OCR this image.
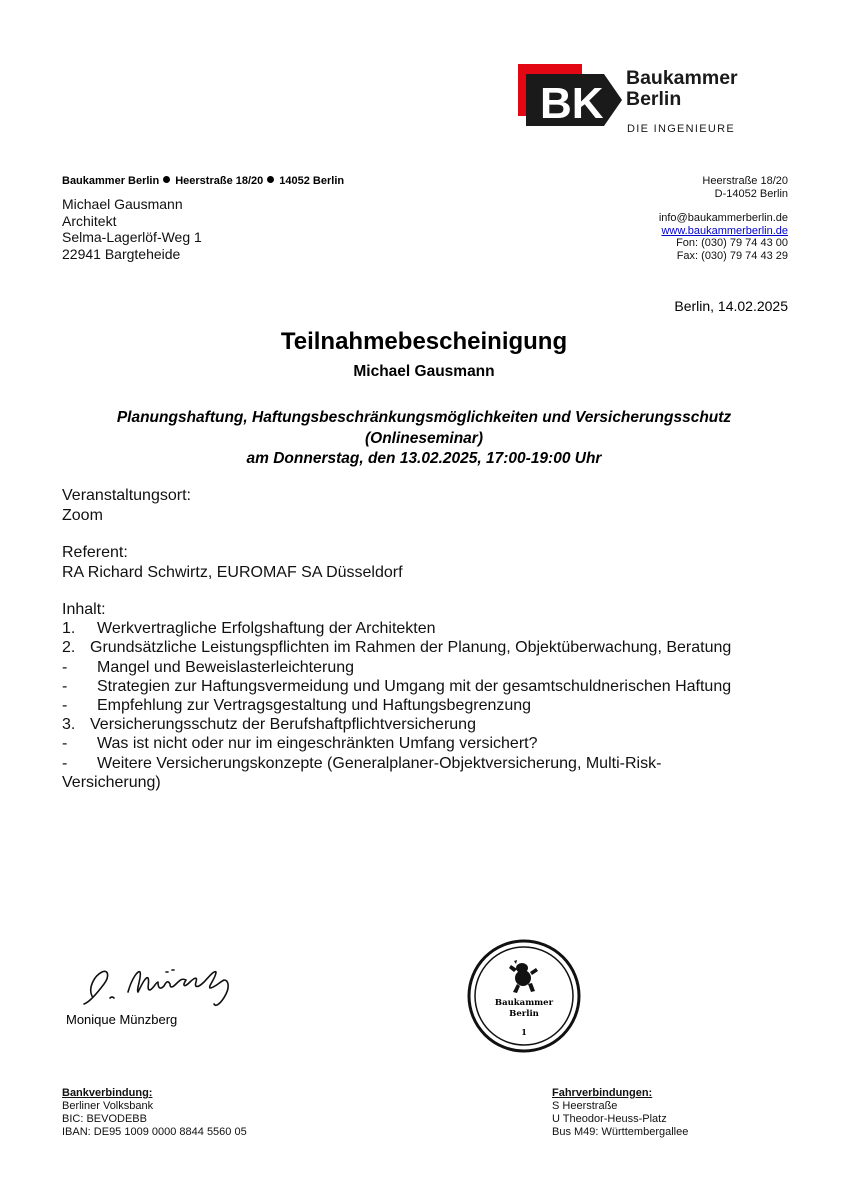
BK
Baukammer
Berlin
DIE INGENIEURE
Baukammer Berlin Heerstraße 18/20 14052 Berlin
Michael Gausmann
Architekt
Selma-Lagerlöf-Weg 1
22941 Bargteheide
Heerstraße 18/20
D-14052 Berlin
info@baukammerberlin.de
www.baukammerberlin.de
Fon: (030) 79 74 43 00
Fax: (030) 79 74 43 29
Berlin, 14.02.2025
Teilnahmebescheinigung
Michael Gausmann
Planungshaftung, Haftungsbeschränkungsmöglichkeiten und Versicherungsschutz
(Onlineseminar)
am Donnerstag, den 13.02.2025, 17:00-19:00 Uhr
Veranstaltungsort:
Zoom
Referent:
RA Richard Schwirtz, EUROMAF SA Düsseldorf
Inhalt:
1.	Werkvertragliche Erfolgshaftung der Architekten
2. Grundsätzliche Leistungspflichten im Rahmen der Planung, Objektüberwachung, Beratung
-	Mangel und Beweislasterleichterung
-	Strategien zur Haftungsvermeidung und Umgang mit der gesamtschuldnerischen Haftung
-	Empfehlung zur Vertragsgestaltung und Haftungsbegrenzung
3. Versicherungsschutz der Berufshaftpflichtversicherung
-	Was ist nicht oder nur im eingeschränkten Umfang versichert?
-	Weitere Versicherungskonzepte (Generalplaner-Objektversicherung, Multi-Risk-
Versicherung)
Monique Münzberg
Baukammer
Berlin
1
Bankverbindung:
Berliner Volksbank
BIC: BEVODEBB
IBAN: DE95 1009 0000 8844 5560 05
Fahrverbindungen:
S Heerstraße
U Theodor-Heuss-Platz
Bus M49: Württembergallee
